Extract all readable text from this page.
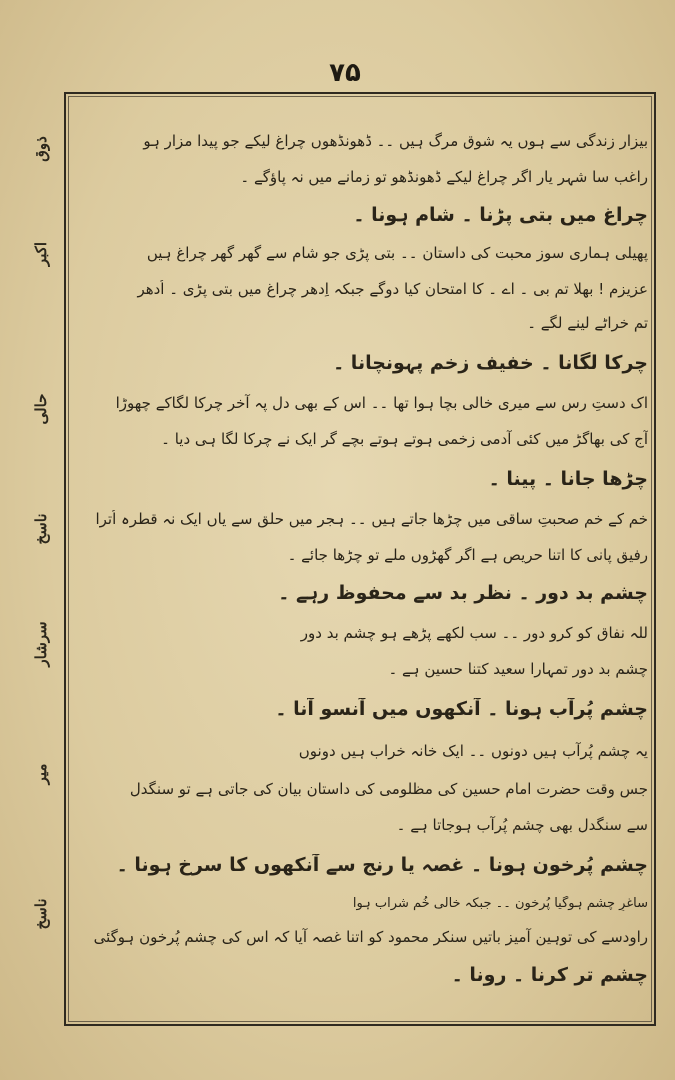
۷۵
ذوق
اکبر
حالی
ناسخ
سرشار
میر
ناسخ
بیزار زندگی سے ہوں یہ شوق مرگ ہیں ۔۔ ڈھونڈھوں چراغ لیکے جو پیدا مزار ہو
راغب سا شہر یار اگر چراغ لیکے ڈھونڈھو تو زمانے میں نہ پاؤگے ۔
چراغ میں بتی پڑنا ۔ شام ہونا ۔
پھیلی ہماری سوزِ محبت کی داستان ۔۔ بتی پڑی جو شام سے گھر گھر چراغ ہیں
عزیزم ! بھلا تم بی ۔ اے ۔ کا امتحان کیا دوگے جبکہ اِدھر چراغ میں بتی پڑی ۔ اُدھر
تم خراٹے لینے لگے ۔
چرکا لگانا ۔ خفیف زخم پہونچانا ۔
اک دستِ رس سے میری خالی بچا ہوا تھا ۔۔ اس کے بھی دل پہ آخر چرکا لگاکے چھوڑا
آج کی بھاگڑ میں کئی آدمی زخمی ہوتے ہوتے بچے گر ایک نے چرکا لگا ہی دیا ۔
چڑھا جانا ۔ پینا ۔
خم کے خم صحبتِ ساقی میں چڑھا جاتے ہیں ۔۔ ہجر میں حلق سے یاں ایک نہ قطرہ اُترا
رفیق پانی کا اتنا حریص ہے اگر گھڑوں ملے تو چڑھا جائے ۔
چشم بد دور ۔ نظرِ بد سے محفوظ رہے ۔
للہ نفاق کو کرو دور ۔۔ سب لکھے پڑھے ہو چشم بد دور
چشم بد دور تمہارا سعید کتنا حسین ہے ۔
چشم پُرآب ہونا ۔ آنکھوں میں آنسو آنا ۔
یہ چشم پُرآب ہیں دونوں ۔۔ ایک خانہ خراب ہیں دونوں
جس وقت حضرت امام حسین کی مظلومی کی داستان بیان کی جاتی ہے تو سنگدل
سے سنگدل بھی چشم پُرآب ہوجاتا ہے ۔
چشم پُرخون ہونا ۔ غصہ یا رنج سے آنکھوں کا سرخ ہونا ۔
ساغرِ چشم ہوگیا پُرخون ۔۔ جبکہ خالی خُمِ شراب ہوا
راودسے کی توہین آمیز باتیں سنکر محمود کو اتنا غصہ آیا کہ اس کی چشم پُرخون ہوگئی
چشم تر کرنا ۔ رونا ۔
